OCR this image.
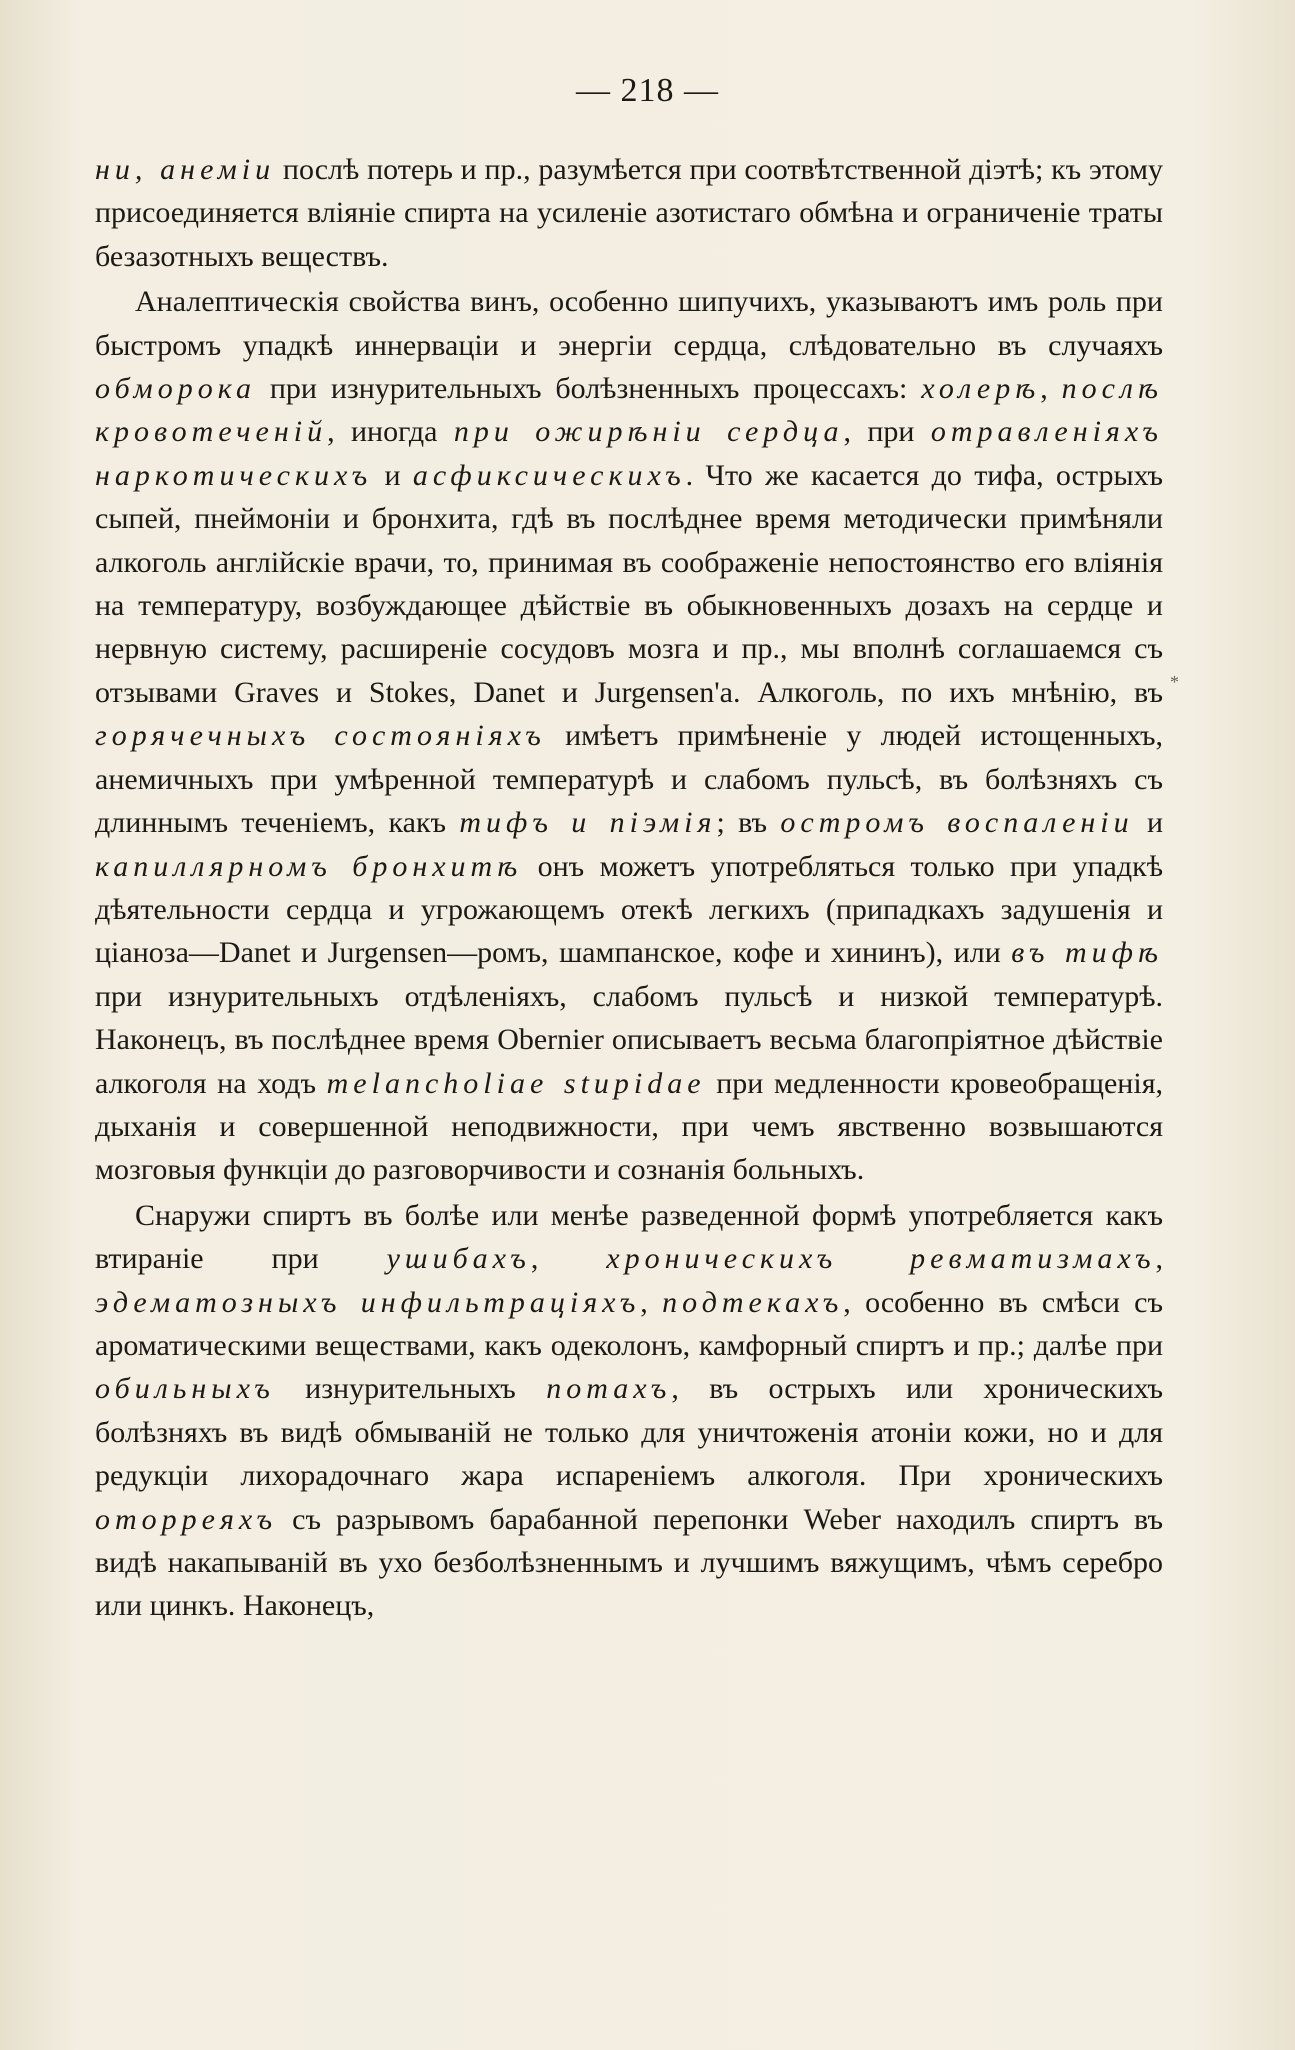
— 218 —
*

ни, анеміи послѣ потерь и пр., разумѣется при соотвѣтственной діэтѣ; къ этому присоединяется вліяніе спирта на усиленіе азотистаго обмѣна и ограниченіе траты безазотныхъ веществъ.

Аналептическія свойства винъ, особенно шипучихъ, указываютъ имъ роль при быстромъ упадкѣ иннерваціи и энергіи сердца, слѣдовательно въ случаяхъ обморока при изнурительныхъ болѣзненныхъ процессахъ: холерѣ, послѣ кровотеченій, иногда при ожирѣніи сердца, при отравленіяхъ наркотическихъ и асфиксическихъ. Что же касается до тифа, острыхъ сыпей, пнеймоніи и бронхита, гдѣ въ послѣднее время методически примѣняли алкоголь англійскіе врачи, то, принимая въ соображеніе непостоянство его вліянія на температуру, возбуждающее дѣйствіе въ обыкновенныхъ дозахъ на сердце и нервную систему, расширеніе сосудовъ мозга и пр., мы вполнѣ соглашаемся съ отзывами Graves и Stokes, Danet и Jurgensen'а. Алкоголь, по ихъ мнѣнію, въ горячечныхъ состояніяхъ имѣетъ примѣненіе у людей истощенныхъ, анемичныхъ при умѣренной температурѣ и слабомъ пульсѣ, въ болѣзняхъ съ длиннымъ теченіемъ, какъ тифъ и піэмія; въ остромъ воспаленіи и капиллярномъ бронхитѣ онъ можетъ употребляться только при упадкѣ дѣятельности сердца и угрожающемъ отекѣ легкихъ (припадкахъ задушенія и ціаноза—Danet и Jurgensen—ромъ, шампанское, кофе и хининъ), или въ тифѣ при изнурительныхъ отдѣленіяхъ, слабомъ пульсѣ и низкой температурѣ. Наконецъ, въ послѣднее время Obernier описываетъ весьма благопріятное дѣйствіе алкоголя на ходъ melancholiae stupidae при медленности кровеобращенія, дыханія и совершенной неподвижности, при чемъ явственно возвышаются мозговыя функціи до разговорчивости и сознанія больныхъ.

Снаружи спиртъ въ болѣе или менѣе разведенной формѣ употребляется какъ втираніе при ушибахъ, хроническихъ ревматизмахъ, эдематозныхъ инфильтраціяхъ, подтекахъ, особенно въ смѣси съ ароматическими веществами, какъ одеколонъ, камфорный спиртъ и пр.; далѣе при обильныхъ изнурительныхъ потахъ, въ острыхъ или хроническихъ болѣзняхъ въ видѣ обмываній не только для уничтоженія атоніи кожи, но и для редукціи лихорадочнаго жара испареніемъ алкоголя. При хроническихъ оторреяхъ съ разрывомъ барабанной перепонки Weber находилъ спиртъ въ видѣ накапываній въ ухо безболѣзненнымъ и лучшимъ вяжущимъ, чѣмъ серебро или цинкъ. Наконецъ,
